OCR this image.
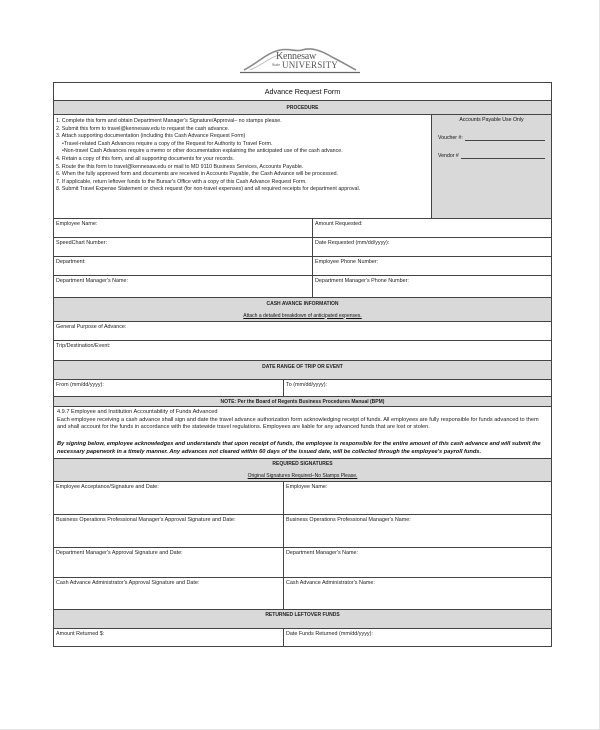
Kennesaw
State UNIVERSITY
Advance Request Form
PROCEDURE
1. Complete this form and obtain Department Manager's Signature/Approval– no stamps please.
2. Submit this form to travel@kennesaw.edu to request the cash advance.
3. Attach supporting documentation (including this Cash Advance Request Form)
•Travel-related Cash Advances require a copy of the Request for Authority to Travel Form.
•Non-travel Cash Advances require a memo or other documentation explaining the anticipated use of the cash advance.
4. Retain a copy of this form, and all supporting documents for your records.
5. Route the this form to travel@kennesaw.edu or mail to MD 9110 Business Services, Accounts Payable.
6. When the fully approved form and documents are received in Accounts Payable, the Cash Advance will be processed.
7. If applicable, return leftover funds to the Bursar's Office with a copy of this Cash Advance Request Form.
8. Submit Travel Expense Statement or check request (for non-travel expenses) and all required receipts for department approval.
Accounts Payable Use Only
Voucher #:
Vendor #
Employee Name:	Amount Requested:
SpeedChart Number:	Date Requested (mm/dd/yyyy):
Department:	Employee Phone Number:
Department Manager's Name:	Department Manager's Phone Number:
CASH AVANCE INFORMATION
Attach a detailed breakdown of anticipated expenses.
General Purpose of Advance:
Trip/Destination/Event:
DATE RANGE OF TRIP OR EVENT
From (mm/dd/yyyy):	To (mm/dd/yyyy):
NOTE: Per the Board of Regents Business Procedures Manual (BPM)
4.9.7 Employee and Institution Accountability of Funds Advanced
Each employee receiving a cash advance shall sign and date the travel advance authorization form acknowledging receipt of funds. All employees are fully responsible for funds advanced to them and shall account for the funds in accordance with the statewide travel regulations. Employees are liable for any advanced funds that are lost or stolen.
By signing below, employee acknowledges and understands that upon receipt of funds, the employee is responsible for the entire amount of this cash advance and will submit the necessary paperwork in a timely manner. Any advances not cleared within 60 days of the issued date, will be collected through the employee's payroll funds.
REQUIRED SIGNATURES
Original Signatures Required–No Stamps Please.
Employee Acceptance/Signature and Date:	Employee Name:
Business Operations Professional Manager's Approval Signature and Date:	Business Operations Professional Manager's Name:
Department Manager's Approval Signature and Date:	Department Manager's Name:
Cash Advance Administrator's Approval Signature and Date:	Cash Advance Administrator's Name:
RETURNED LEFTOVER FUNDS
Amount Returned $:	Date Funds Returned (mm/dd/yyyy):
